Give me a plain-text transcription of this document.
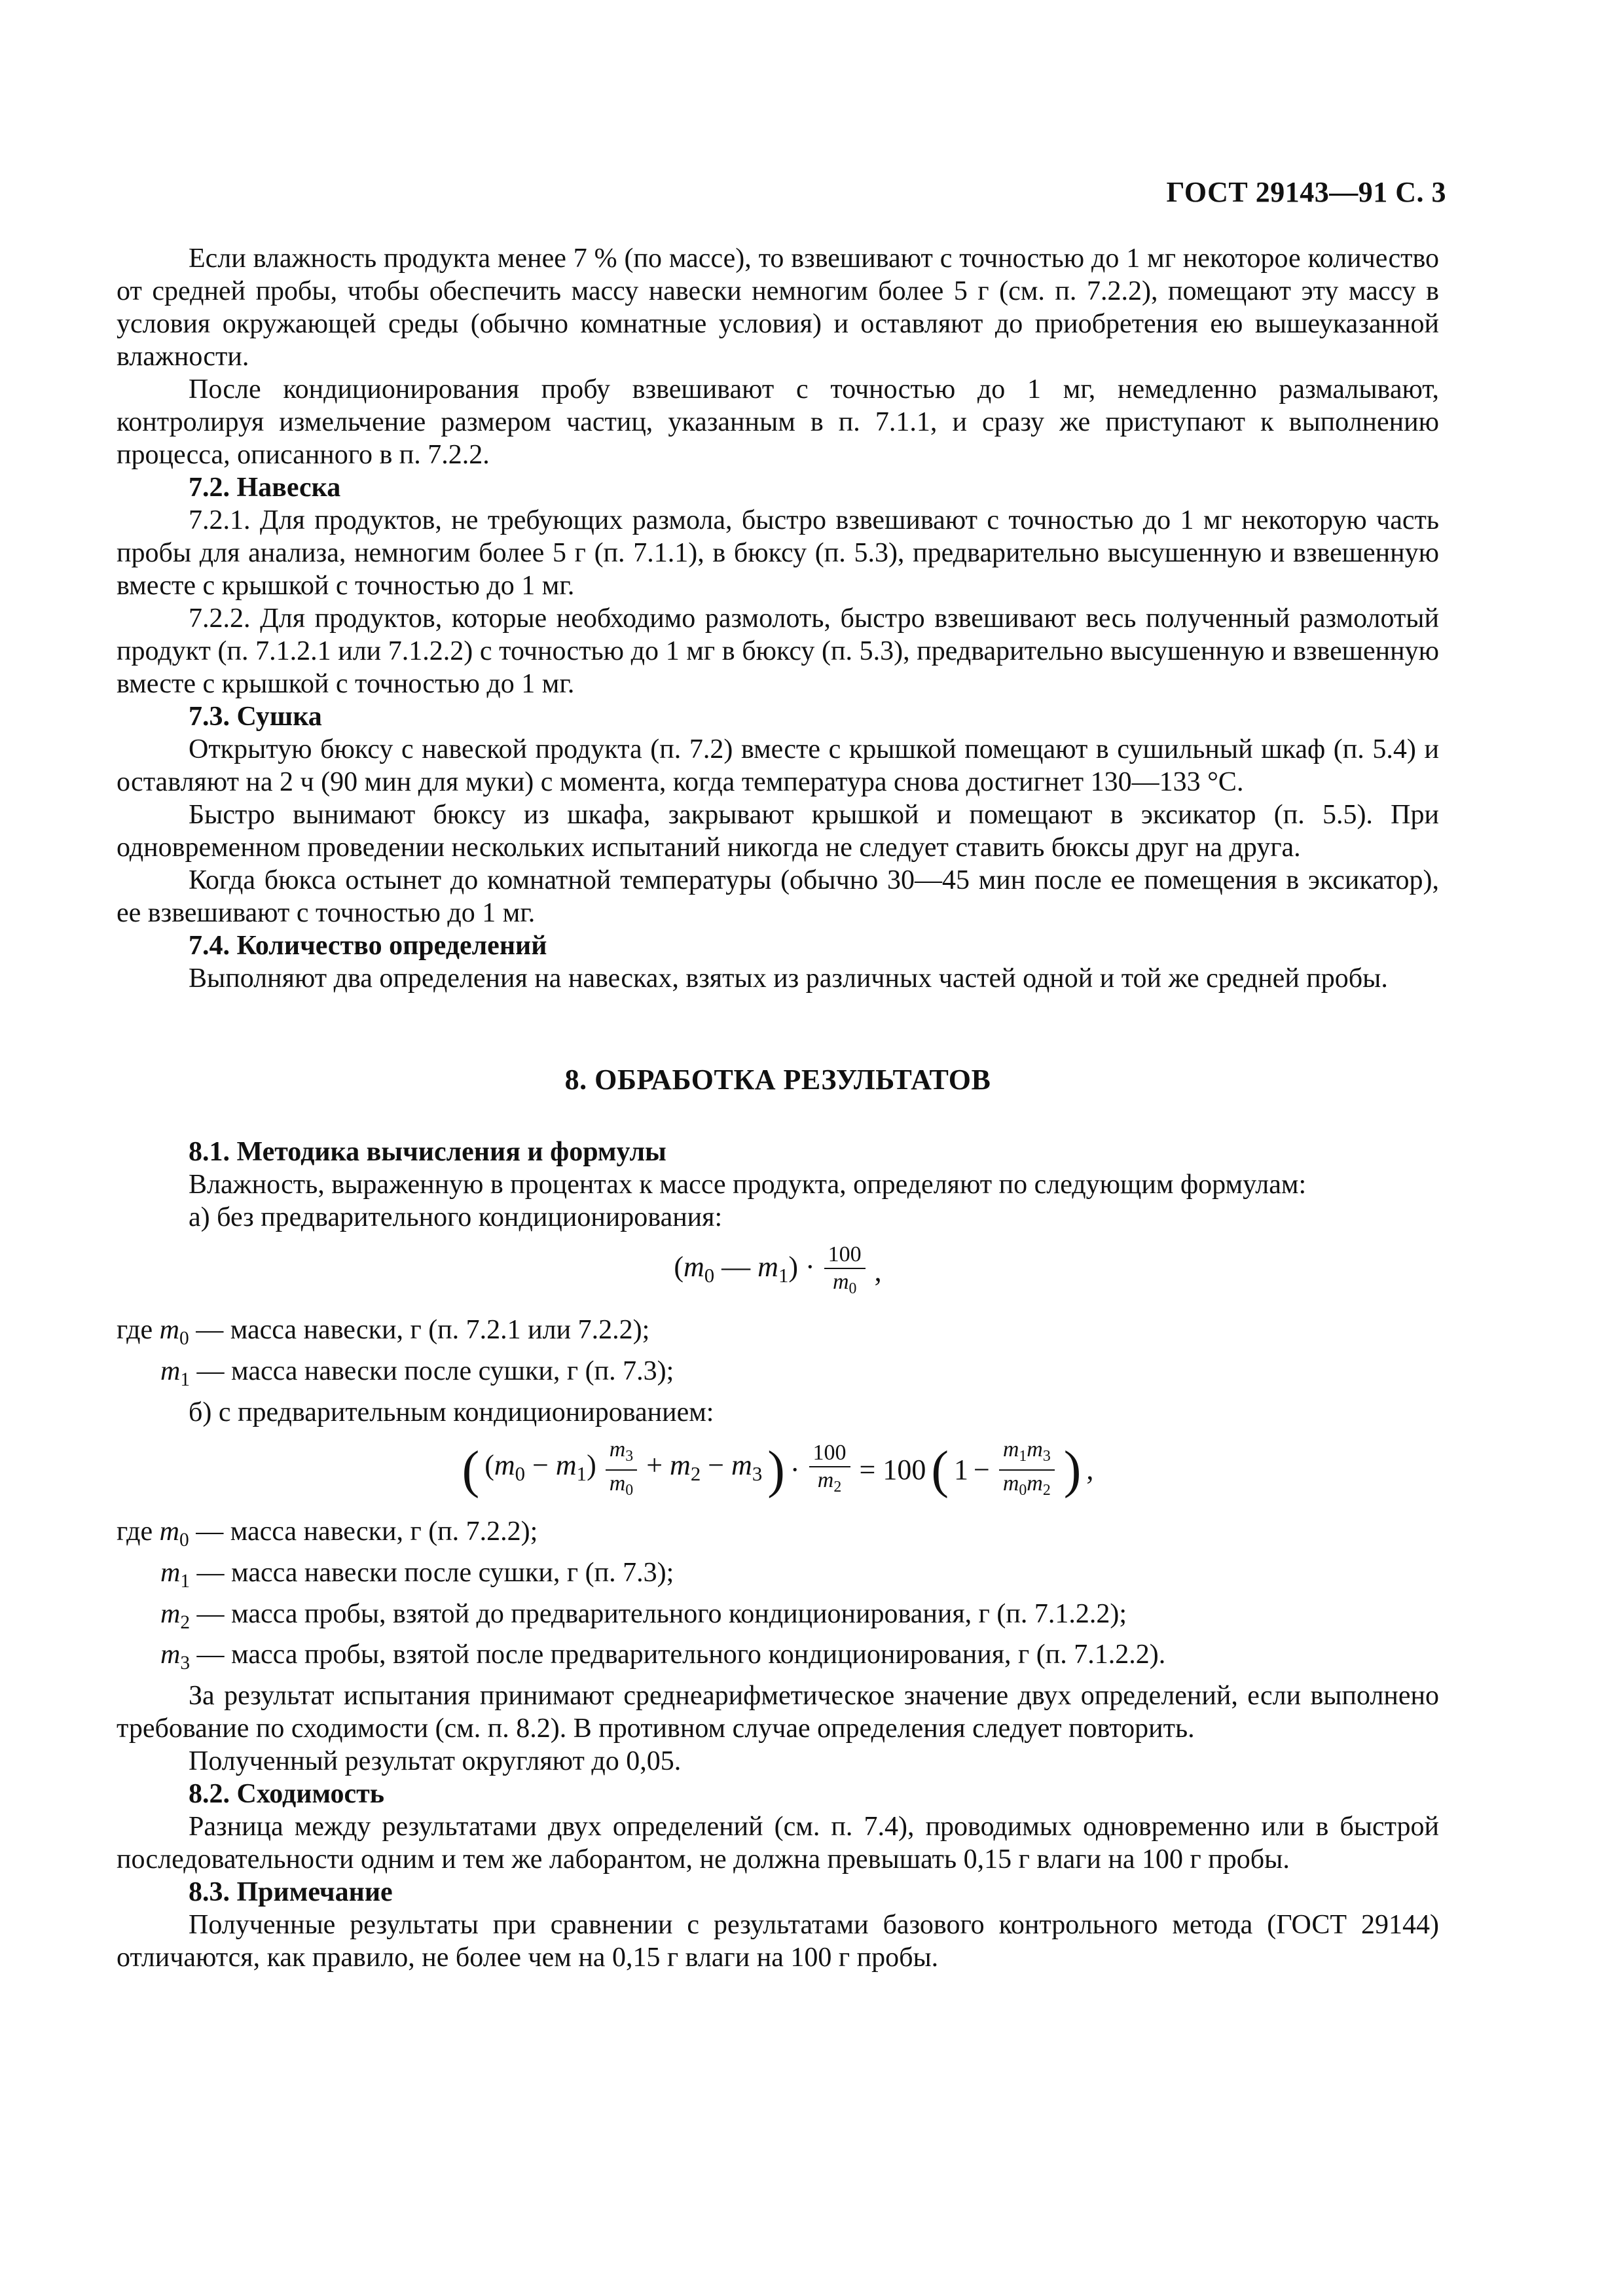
ГОСТ 29143—91 С. 3

Если влажность продукта менее 7 % (по массе), то взвешивают с точностью до 1 мг некоторое количество от средней пробы, чтобы обеспечить массу навески немногим более 5 г (см. п. 7.2.2), помещают эту массу в условия окружающей среды (обычно комнатные условия) и оставляют до приобретения ею вышеуказанной влажности.

После кондиционирования пробу взвешивают с точностью до 1 мг, немедленно размалывают, контролируя измельчение размером частиц, указанным в п. 7.1.1, и сразу же приступают к выполнению процесса, описанного в п. 7.2.2.

7.2. Навеска

7.2.1. Для продуктов, не требующих размола, быстро взвешивают с точностью до 1 мг некоторую часть пробы для анализа, немногим более 5 г (п. 7.1.1), в бюксу (п. 5.3), предварительно высушенную и взвешенную вместе с крышкой с точностью до 1 мг.

7.2.2. Для продуктов, которые необходимо размолоть, быстро взвешивают весь полученный размолотый продукт (п. 7.1.2.1 или 7.1.2.2) с точностью до 1 мг в бюксу (п. 5.3), предварительно высушенную и взвешенную вместе с крышкой с точностью до 1 мг.

7.3. Сушка

Открытую бюксу с навеской продукта (п. 7.2) вместе с крышкой помещают в сушильный шкаф (п. 5.4) и оставляют на 2 ч (90 мин для муки) с момента, когда температура снова достигнет 130—133 °С.

Быстро вынимают бюксу из шкафа, закрывают крышкой и помещают в эксикатор (п. 5.5). При одновременном проведении нескольких испытаний никогда не следует ставить бюксы друг на друга.

Когда бюкса остынет до комнатной температуры (обычно 30—45 мин после ее помещения в эксикатор), ее взвешивают с точностью до 1 мг.

7.4. Количество определений

Выполняют два определения на навесках, взятых из различных частей одной и той же средней пробы.

8. ОБРАБОТКА РЕЗУЛЬТАТОВ

8.1. Методика вычисления и формулы

Влажность, выраженную в процентах к массе продукта, определяют по следующим формулам:

а) без предварительного кондиционирования:

($m_0$ — $m_1) \cdot \frac{100}{m_0}$ ,

где $m_0$ — масса навески, г (п. 7.2.1 или 7.2.2);

$m_1$ — масса навески после сушки, г (п. 7.3);

б) с предварительным кондиционированием:

( $(m_0 - m_1) \frac{m_3}{m_0} + m_2 - m_3$ ) · $\frac{100}{m_2} = 100$ ( $1 - \frac{m_1m_3}{m_0m_2}$ ) ,

где $m_0$ — масса навески, г (п. 7.2.2);

$m_1$ — масса навески после сушки, г (п. 7.3);

$m_2$ — масса пробы, взятой до предварительного кондиционирования, г (п. 7.1.2.2);

$m_3$ — масса пробы, взятой после предварительного кондиционирования, г (п. 7.1.2.2).

За результат испытания принимают среднеарифметическое значение двух определений, если выполнено требование по сходимости (см. п. 8.2). В противном случае определения следует повторить.

Полученный результат округляют до 0,05.

8.2. Сходимость

Разница между результатами двух определений (см. п. 7.4), проводимых одновременно или в быстрой последовательности одним и тем же лаборантом, не должна превышать 0,15 г влаги на 100 г пробы.

8.3. Примечание

Полученные результаты при сравнении с результатами базового контрольного метода (ГОСТ 29144) отличаются, как правило, не более чем на 0,15 г влаги на 100 г пробы.
